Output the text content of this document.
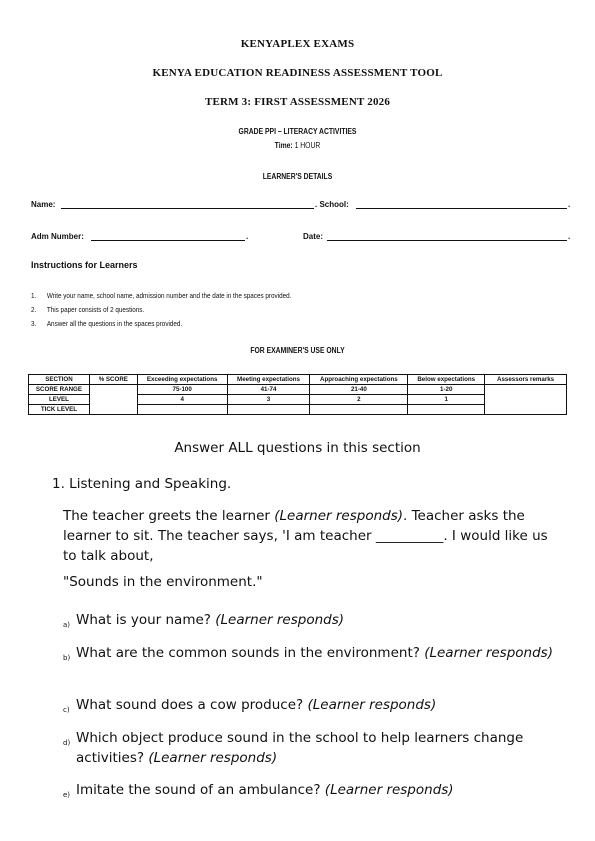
KENYAPLEX EXAMS
KENYA EDUCATION READINESS ASSESSMENT TOOL
TERM 3: FIRST ASSESSMENT 2026
GRADE PPI – LITERACY ACTIVITIES
Time: 1 HOUR
LEARNER'S DETAILS
Name:	. School:	.
Adm Number:	.	Date:	.
Instructions for Learners
1. Write your name, school name, admission number and the date in the spaces provided.
2. This paper consists of 2 questions.
3. Answer all the questions in the spaces provided.
FOR EXAMINER'S USE ONLY
SECTION	% SCORE	Exceeding expectations	Meeting expectations	Approaching expectations	Below expectations	Assessors remarks
SCORE RANGE		75-100	41-74	21-40	1-20	
LEVEL		4	3	2	1	
TICK LEVEL						
Answer ALL questions in this section
1. Listening and Speaking.
The teacher greets the learner (Learner responds). Teacher asks the learner to sit. The teacher says, 'I am teacher __________. I would like us to talk about,
"Sounds in the environment."
a) What is your name? (Learner responds)
b) What are the common sounds in the environment? (Learner responds)
c) What sound does a cow produce? (Learner responds)
d) Which object produce sound in the school to help learners change activities? (Learner responds)
e) Imitate the sound of an ambulance? (Learner responds)
